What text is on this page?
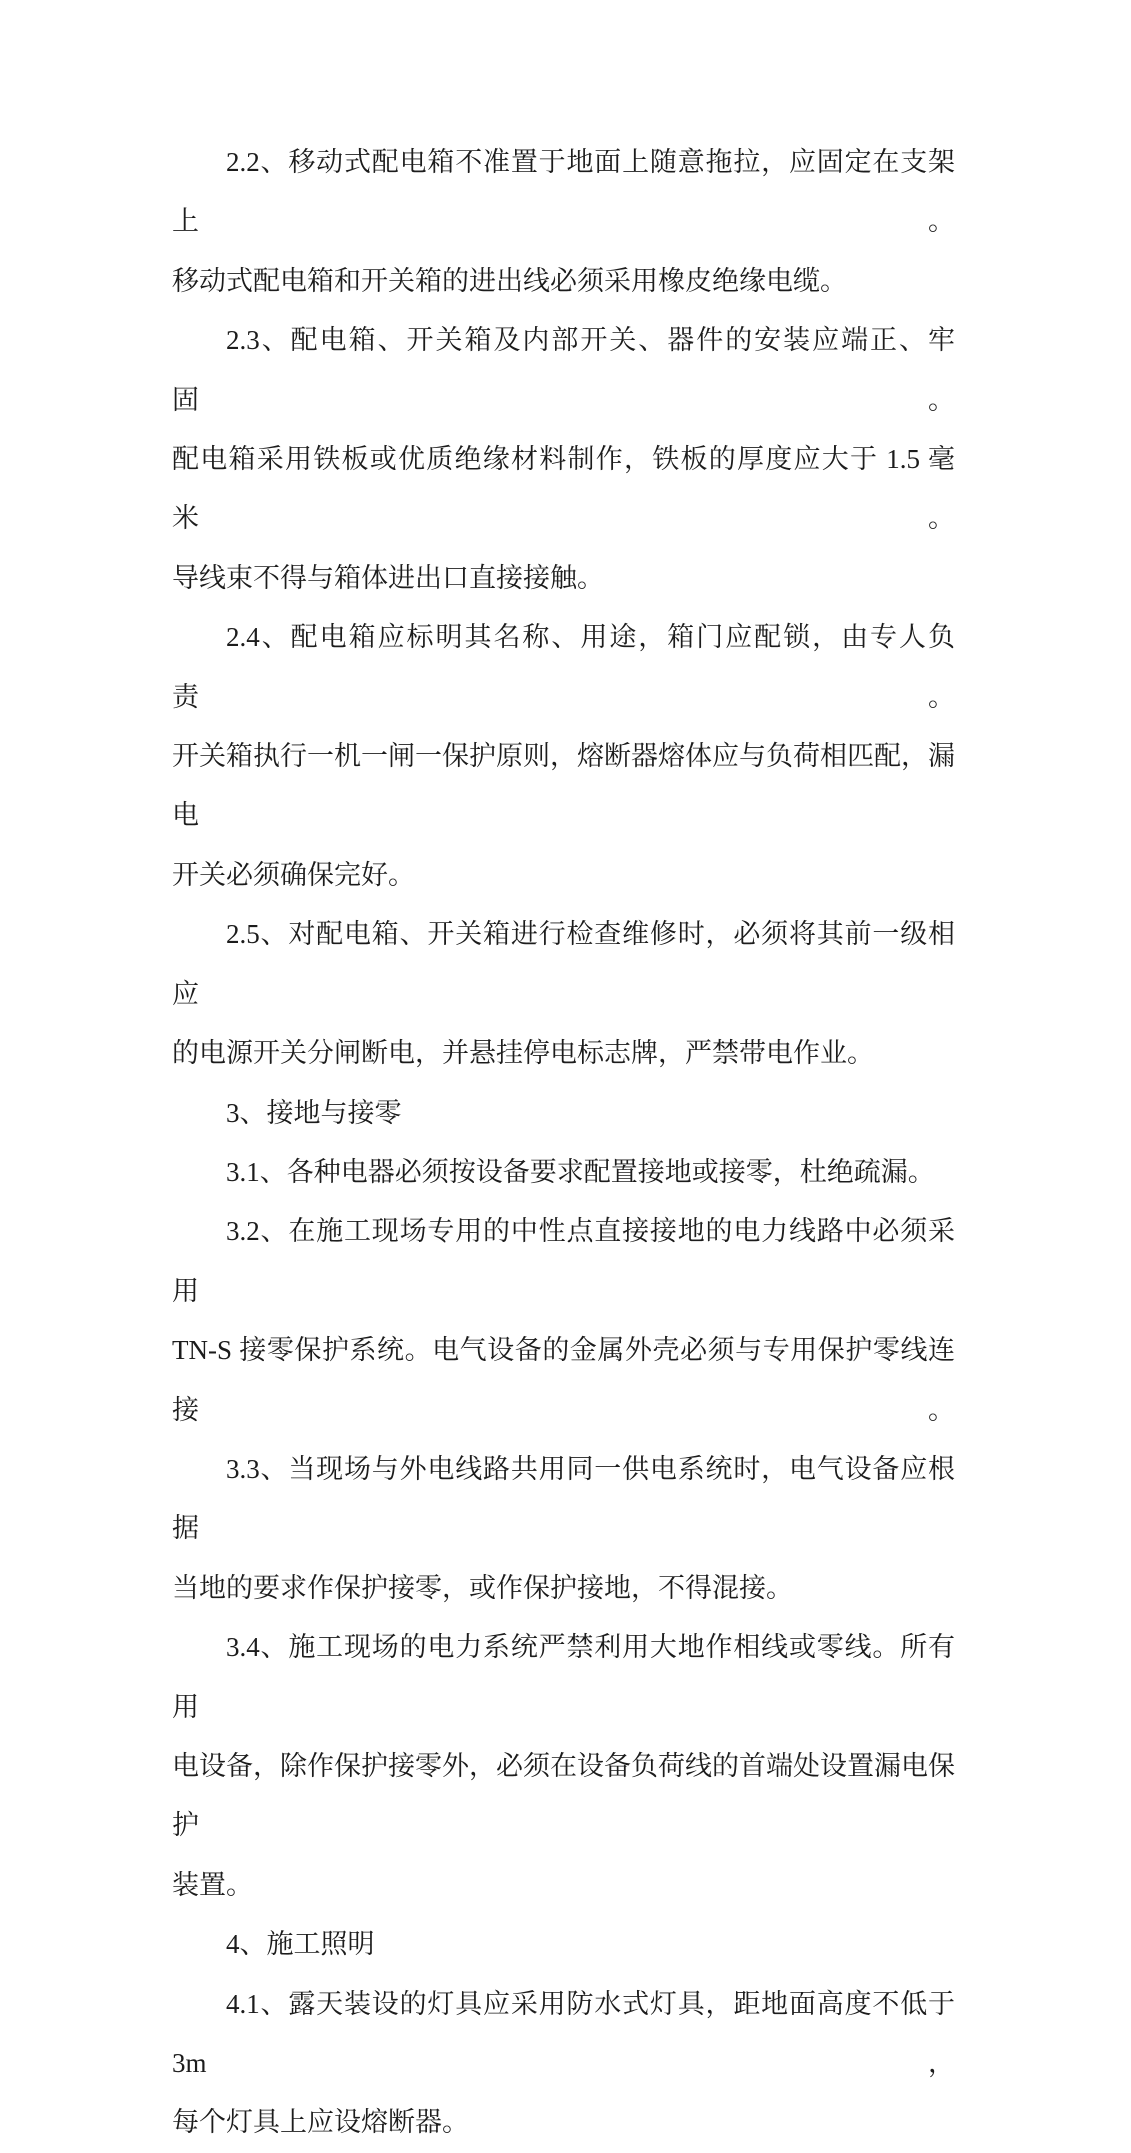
2.2、移动式配电箱不准置于地面上随意拖拉，应固定在支架上。
移动式配电箱和开关箱的进出线必须采用橡皮绝缘电缆。
2.3、配电箱、开关箱及内部开关、器件的安装应端正、牢固。
配电箱采用铁板或优质绝缘材料制作，铁板的厚度应大于 1.5 毫米。
导线束不得与箱体进出口直接接触。
2.4、配电箱应标明其名称、用途，箱门应配锁，由专人负责。
开关箱执行一机一闸一保护原则，熔断器熔体应与负荷相匹配，漏电
开关必须确保完好。
2.5、对配电箱、开关箱进行检查维修时，必须将其前一级相应
的电源开关分闸断电，并悬挂停电标志牌，严禁带电作业。
3、接地与接零
3.1、各种电器必须按设备要求配置接地或接零，杜绝疏漏。
3.2、在施工现场专用的中性点直接接地的电力线路中必须采用
TN-S 接零保护系统。电气设备的金属外壳必须与专用保护零线连接。
3.3、当现场与外电线路共用同一供电系统时，电气设备应根据
当地的要求作保护接零，或作保护接地，不得混接。
3.4、施工现场的电力系统严禁利用大地作相线或零线。所有用
电设备，除作保护接零外，必须在设备负荷线的首端处设置漏电保护
装置。
4、施工照明
4.1、露天装设的灯具应采用防水式灯具，距地面高度不低于 3m，
每个灯具上应设熔断器。
